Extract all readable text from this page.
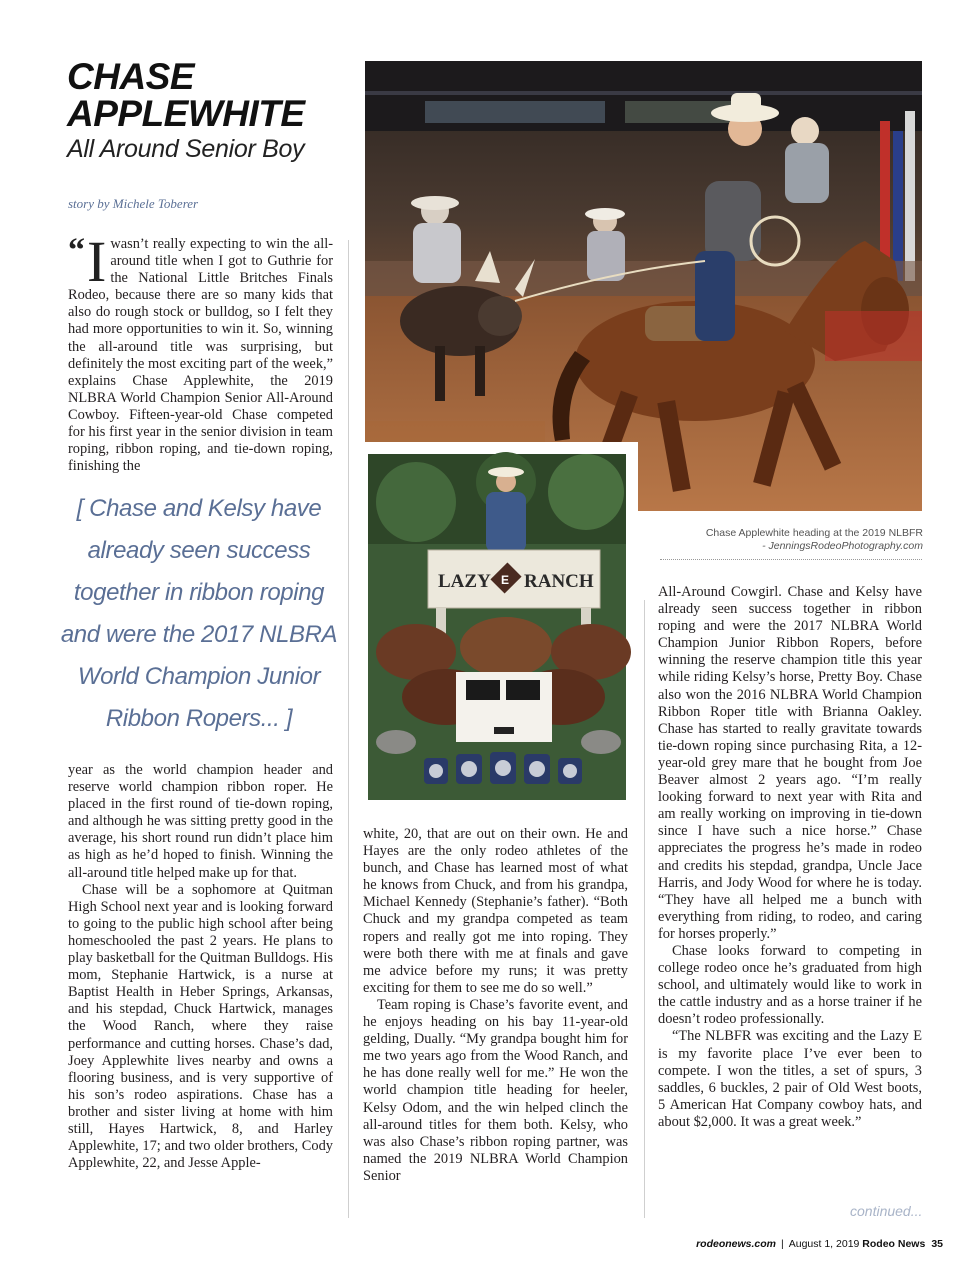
CHASE
APPLEWHITE
All Around Senior Boy
story by Michele Toberer

“ I wasn’t really expecting to win the all-around title when I got to Guthrie for the National Little Britches Finals Rodeo, because there are so many kids that also do rough stock or bulldog, so I felt they had more opportunities to win it. So, winning the all-around title was surprising, but definitely the most exciting part of the week,” explains Chase Applewhite, the 2019 NLBRA World Champion Senior All-Around Cowboy. Fifteen-year-old Chase competed for his first year in the senior division in team roping, ribbon roping, and tie-down roping, finishing the

[ Chase and Kelsy have already seen success together in ribbon roping and were the 2017 NLBRA World Champion Junior Ribbon Ropers... ]

year as the world champion header and reserve world champion ribbon roper. He placed in the first round of tie-down roping, and although he was sitting pretty good in the average, his short round run didn’t place him as high as he’d hoped to finish. Winning the all-around title helped make up for that.

Chase will be a sophomore at Quitman High School next year and is looking forward to going to the public high school after being homeschooled the past 2 years. He plans to play basketball for the Quitman Bulldogs. His mom, Stephanie Hartwick, is a nurse at Baptist Health in Heber Springs, Arkansas, and his stepdad, Chuck Hartwick, manages the Wood Ranch, where they raise performance and cutting horses. Chase’s dad, Joey Applewhite lives nearby and owns a flooring business, and is very supportive of his son’s rodeo aspirations. Chase has a brother and sister living at home with him still, Hayes Hartwick, 8, and Harley Applewhite, 17; and two older brothers, Cody Applewhite, 22, and Jesse Apple-

Chase Applewhite heading at the 2019 NLBFR
- JenningsRodeoPhotography.com
LAZY E RANCH

white, 20, that are out on their own. He and Hayes are the only rodeo athletes of the bunch, and Chase has learned most of what he knows from Chuck, and from his grandpa, Michael Kennedy (Stephanie’s father). “Both Chuck and my grandpa competed as team ropers and really got me into roping. They were both there with me at finals and gave me advice before my runs; it was pretty exciting for them to see me do so well.”

Team roping is Chase’s favorite event, and he enjoys heading on his bay 11-year-old gelding, Dually. “My grandpa bought him for me two years ago from the Wood Ranch, and he has done really well for me.” He won the world champion title heading for heeler, Kelsy Odom, and the win helped clinch the all-around titles for them both. Kelsy, who was also Chase’s ribbon roping partner, was named the 2019 NLBRA World Champion Senior

All-Around Cowgirl. Chase and Kelsy have already seen success together in ribbon roping and were the 2017 NLBRA World Champion Junior Ribbon Ropers, before winning the reserve champion title this year while riding Kelsy’s horse, Pretty Boy. Chase also won the 2016 NLBRA World Champion Ribbon Roper title with Brianna Oakley. Chase has started to really gravitate towards tie-down roping since purchasing Rita, a 12-year-old grey mare that he bought from Joe Beaver almost 2 years ago. “I’m really looking forward to next year with Rita and am really working on improving in tie-down since I have such a nice horse.” Chase appreciates the progress he’s made in rodeo and credits his stepdad, grandpa, Uncle Jace Harris, and Jody Wood for where he is today. “They have all helped me a bunch with everything from riding, to rodeo, and caring for horses properly.”

Chase looks forward to competing in college rodeo once he’s graduated from high school, and ultimately would like to work in the cattle industry and as a horse trainer if he doesn’t rodeo professionally.

“The NLBFR was exciting and the Lazy E is my favorite place I’ve ever been to compete. I won the titles, a set of spurs, 3 saddles, 6 buckles, 2 pair of Old West boots, 5 American Hat Company cowboy hats, and about $2,000. It was a great week.”

continued...
rodeonews.com | August 1, 2019 Rodeo News 35
